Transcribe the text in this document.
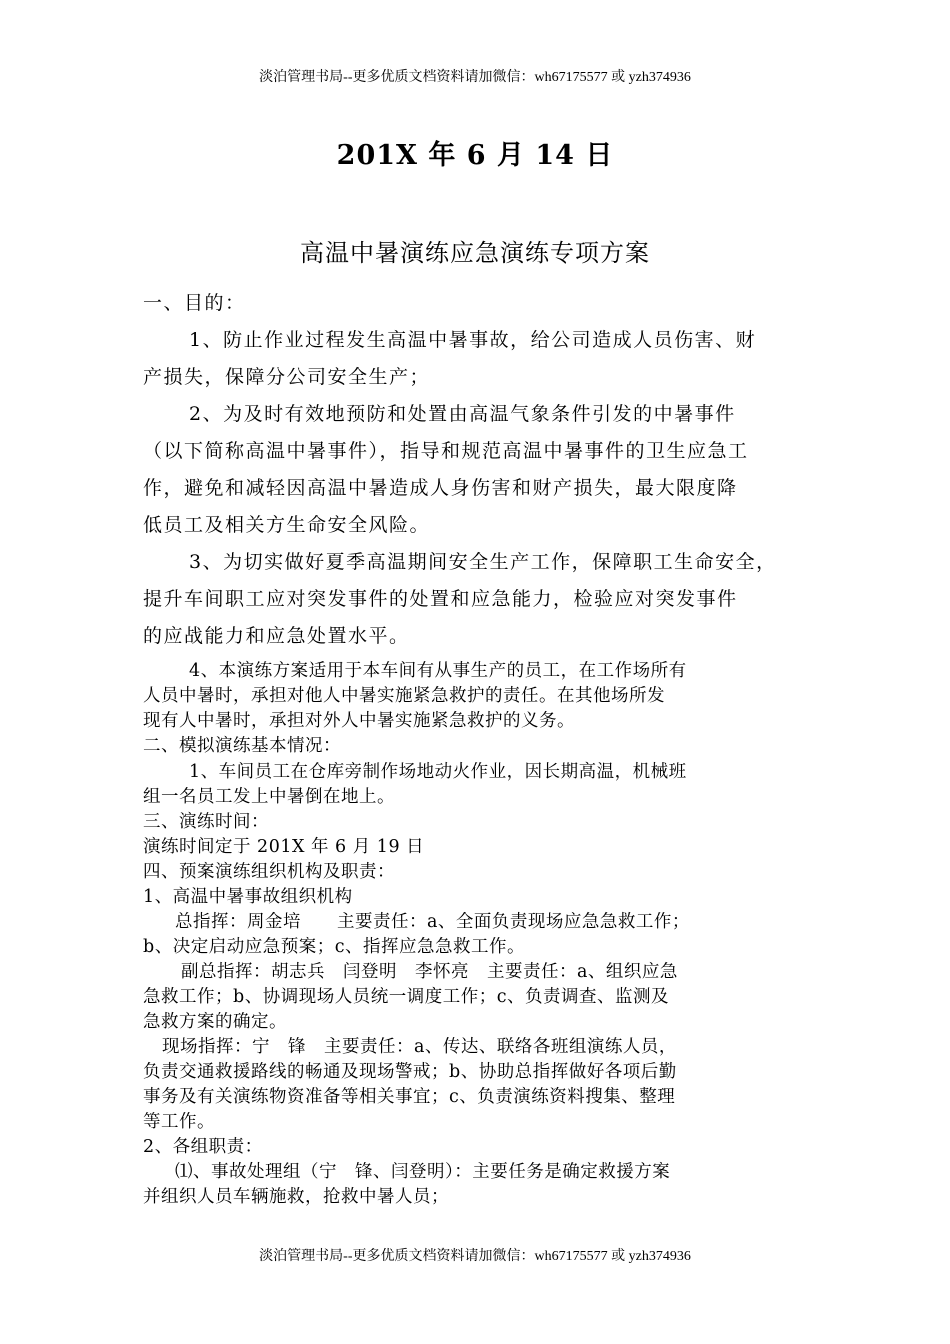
淡泊管理书局--更多优质文档资料请加微信：wh67175577 或 yzh374936
201X 年 6 月 14 日
高温中暑演练应急演练专项方案
一、目的：
1、防止作业过程发生高温中暑事故，给公司造成人员伤害、财
产损失，保障分公司安全生产；
2、为及时有效地预防和处置由高温气象条件引发的中暑事件
（以下简称高温中暑事件），指导和规范高温中暑事件的卫生应急工
作，避免和减轻因高温中暑造成人身伤害和财产损失，最大限度降
低员工及相关方生命安全风险。
3、为切实做好夏季高温期间安全生产工作，保障职工生命安全，
提升车间职工应对突发事件的处置和应急能力，检验应对突发事件
的应战能力和应急处置水平。
4、本演练方案适用于本车间有从事生产的员工，在工作场所有
人员中暑时，承担对他人中暑实施紧急救护的责任。在其他场所发
现有人中暑时，承担对外人中暑实施紧急救护的义务。
二、模拟演练基本情况：
1、车间员工在仓库旁制作场地动火作业，因长期高温，机械班
组一名员工发上中暑倒在地上。
三、演练时间：
演练时间定于 201X 年 6 月 19 日
四、预案演练组织机构及职责：
1、高温中暑事故组织机构
总指挥：周金培　　主要责任：a、全面负责现场应急急救工作；
b、决定启动应急预案；c、指挥应急急救工作。
副总指挥：胡志兵　闫登明　李怀亮　主要责任：a、组织应急
急救工作；b、协调现场人员统一调度工作；c、负责调查、监测及
急救方案的确定。
现场指挥：宁　锋　主要责任：a、传达、联络各班组演练人员，
负责交通救援路线的畅通及现场警戒；b、协助总指挥做好各项后勤
事务及有关演练物资准备等相关事宜；c、负责演练资料搜集、整理
等工作。
2、各组职责：
⑴、事故处理组（宁　锋、闫登明）：主要任务是确定救援方案
并组织人员车辆施救，抢救中暑人员；
淡泊管理书局--更多优质文档资料请加微信：wh67175577 或 yzh374936
